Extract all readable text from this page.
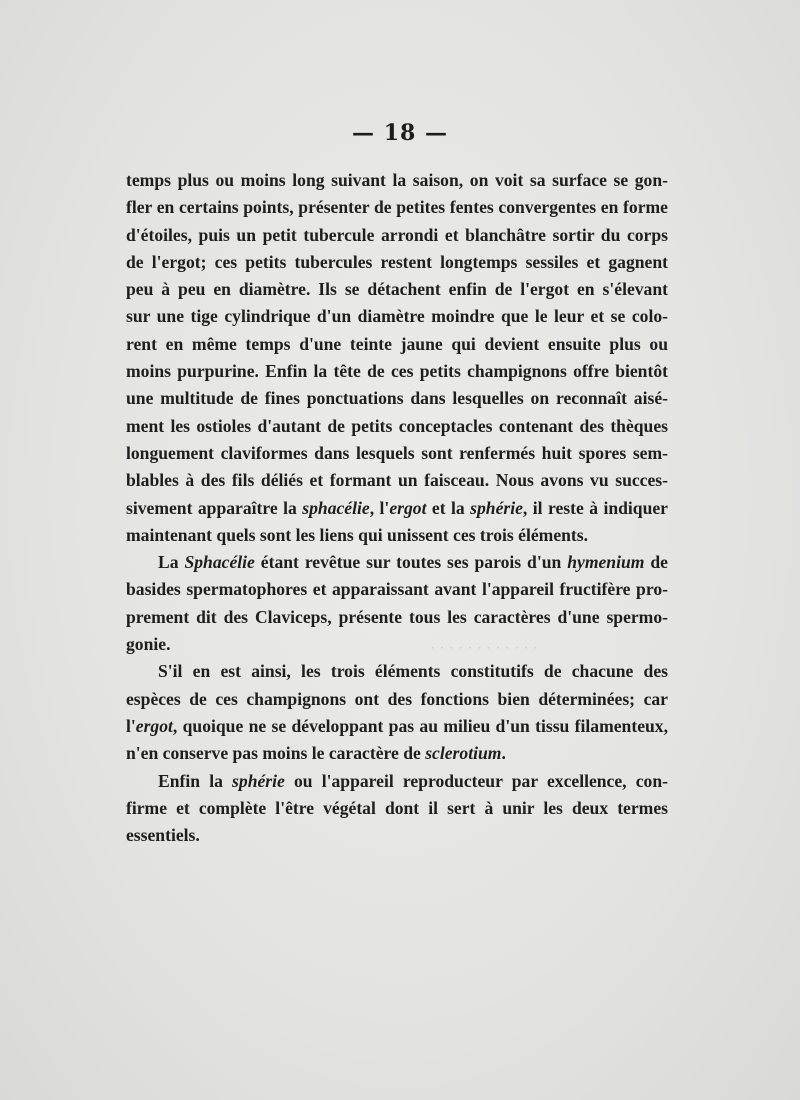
· · · · · · · · · · · ·
— 18 —
temps plus ou moins long suivant la saison, on voit sa surface se gon-
fler en certains points, présenter de petites fentes convergentes en forme
d'étoiles, puis un petit tubercule arrondi et blanchâtre sortir du corps
de l'ergot; ces petits tubercules restent longtemps sessiles et gagnent
peu à peu en diamètre. Ils se détachent enfin de l'ergot en s'élevant
sur une tige cylindrique d'un diamètre moindre que le leur et se colo-
rent en même temps d'une teinte jaune qui devient ensuite plus ou
moins purpurine. Enfin la tête de ces petits champignons offre bientôt
une multitude de fines ponctuations dans lesquelles on reconnaît aisé-
ment les ostioles d'autant de petits conceptacles contenant des thèques
longuement claviformes dans lesquels sont renfermés huit spores sem-
blables à des fils déliés et formant un faisceau. Nous avons vu succes-
sivement apparaître la sphacélie, l'ergot et la sphérie, il reste à indiquer
maintenant quels sont les liens qui unissent ces trois éléments.
La Sphacélie étant revêtue sur toutes ses parois d'un hymenium de
basides spermatophores et apparaissant avant l'appareil fructifère pro-
prement dit des Claviceps, présente tous les caractères d'une spermo-
gonie.
S'il en est ainsi, les trois éléments constitutifs de chacune des
espèces de ces champignons ont des fonctions bien déterminées; car
l'ergot, quoique ne se développant pas au milieu d'un tissu filamenteux,
n'en conserve pas moins le caractère de sclerotium.
Enfin la sphérie ou l'appareil reproducteur par excellence, con-
firme et complète l'être végétal dont il sert à unir les deux termes
essentiels.
